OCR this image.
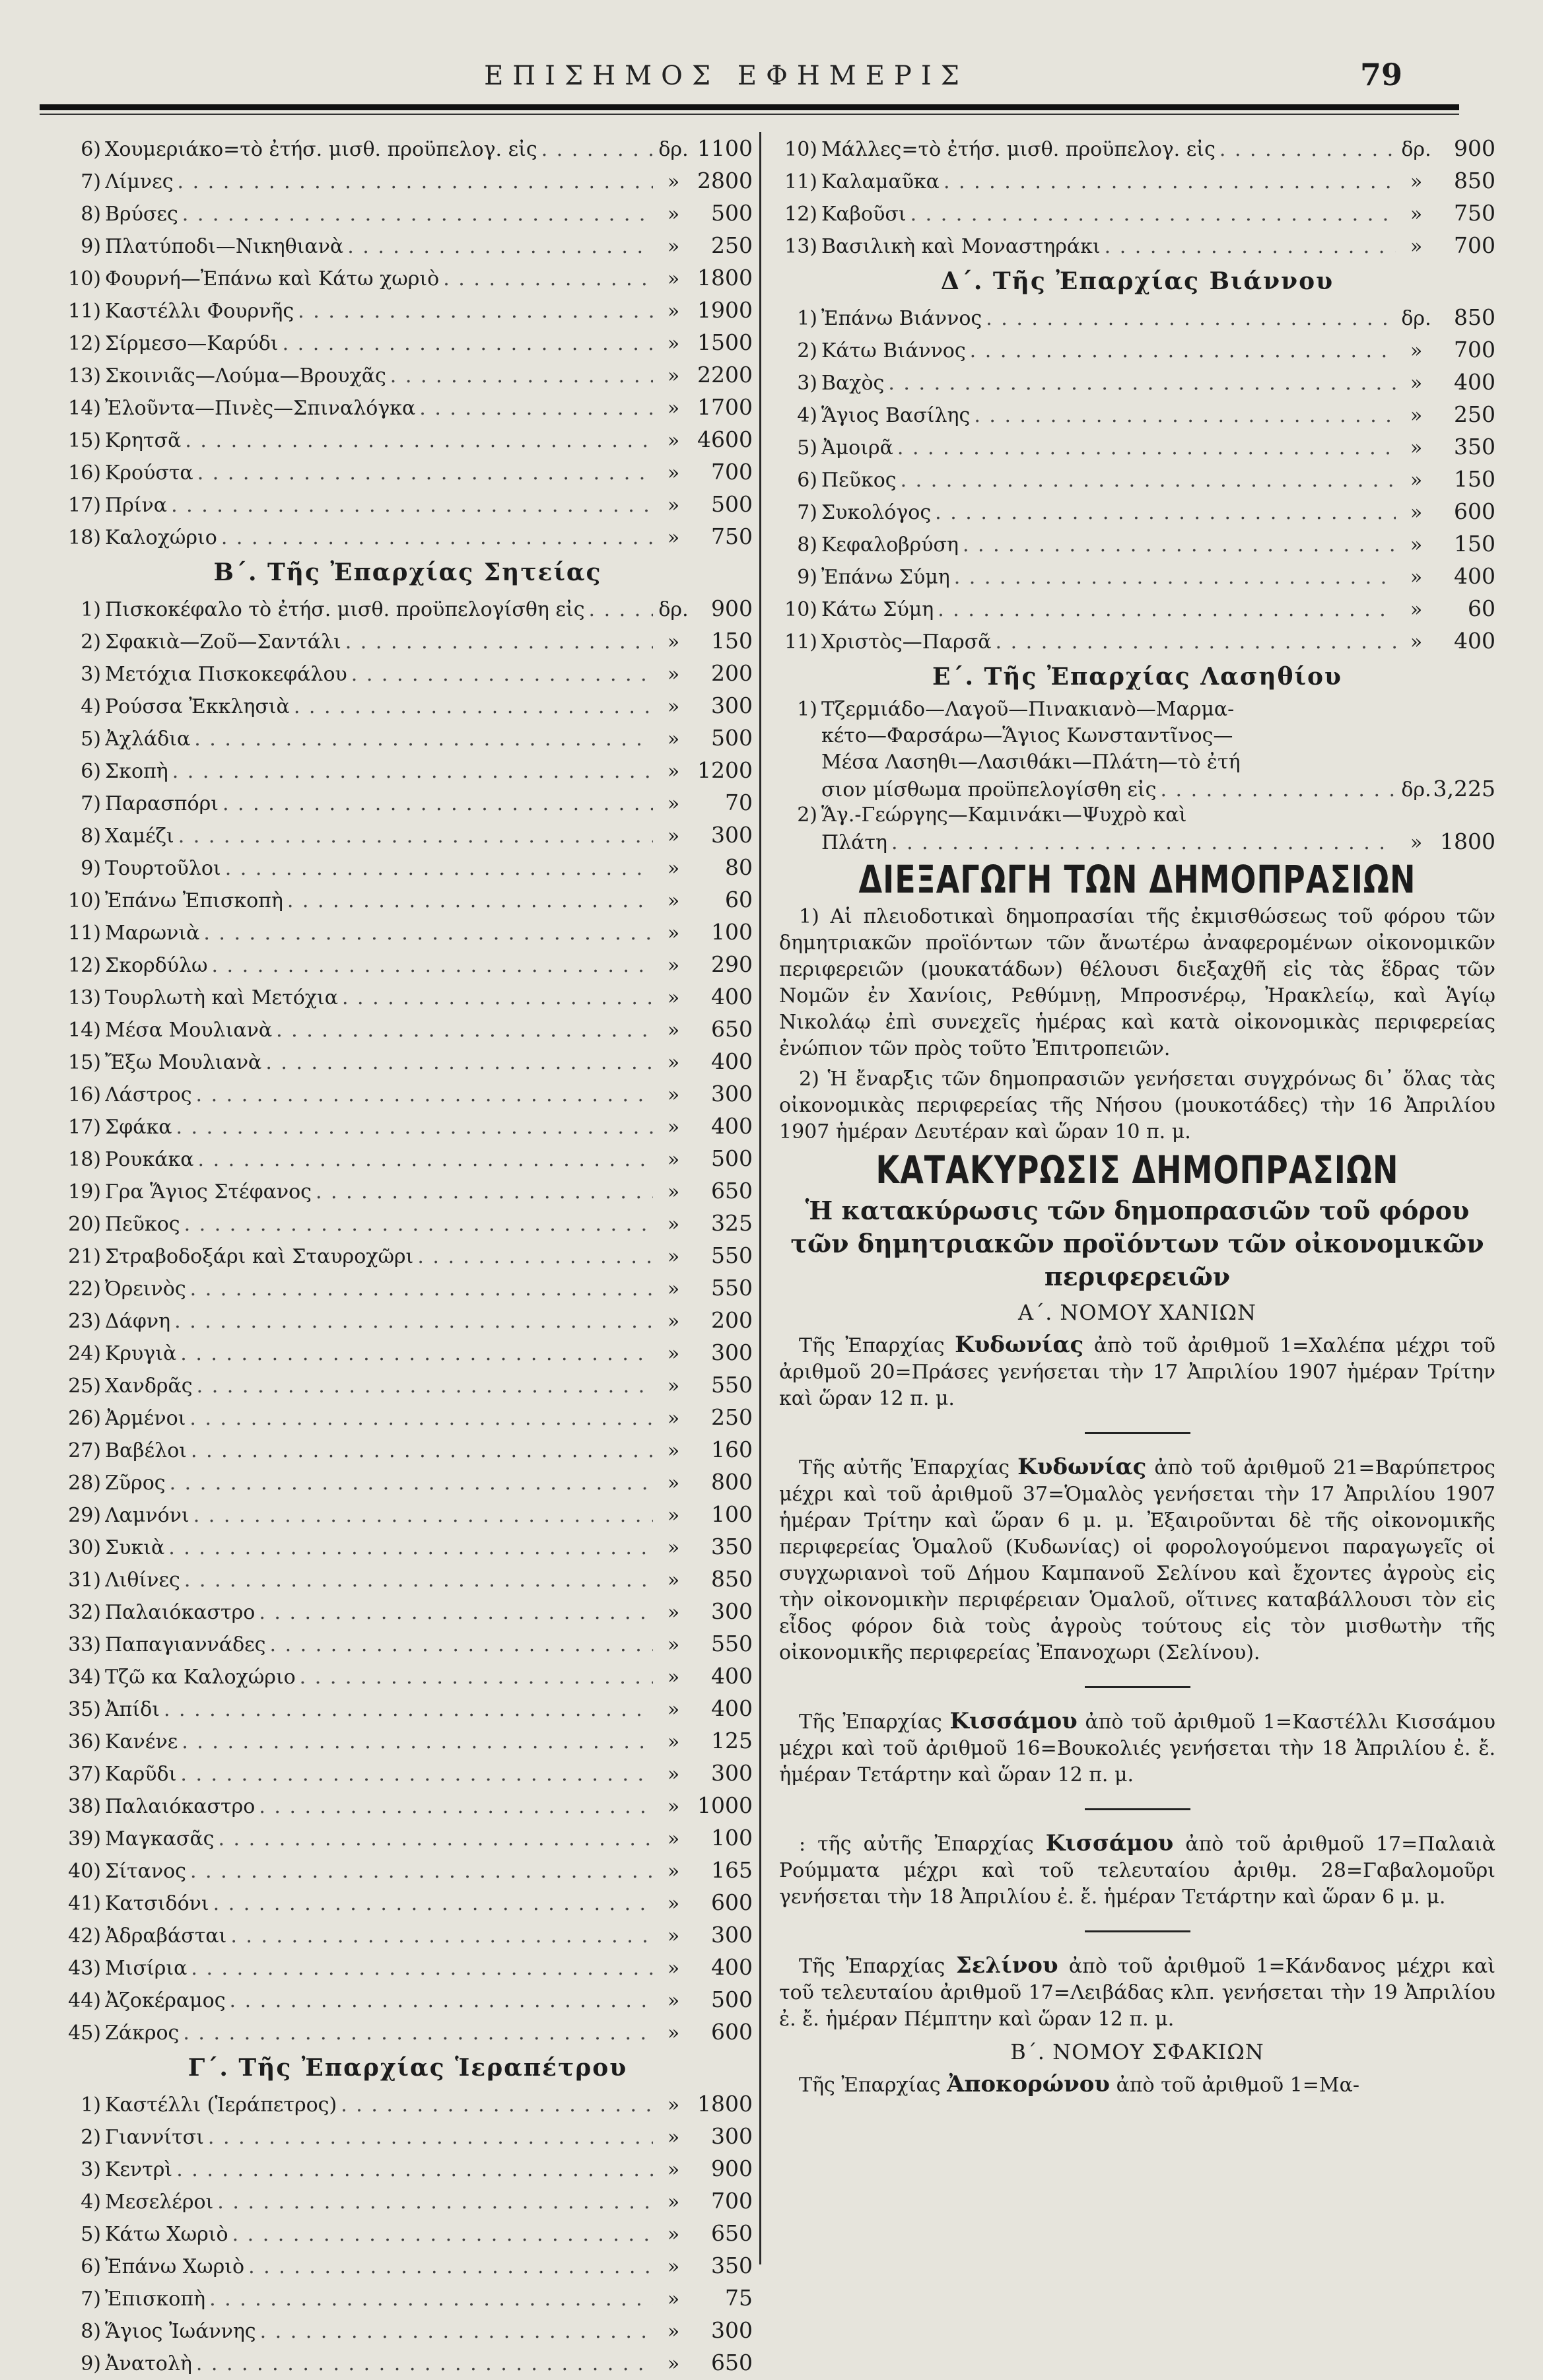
ΕΠΙΣΗΜΟΣ ΕΦΗΜΕΡΙΣ	79
6) Χουμεριάκο=τὸ ἐτήσ. μισθ. προϋπελογ. εἰς . . .	δρ. 1100
7) Λίμνες . . .	» 2800
8) Βρύσες . . .	»	500
9) Πλατύποδι—Νικηθιανὰ . . .	»	250
10) Φουρνή—Ἐπάνω καὶ Κάτω χωριὸ . . .	» 1800
11) Καστέλλι Φουρνῆς . . .	» 1900
12) Σίρμεσο—Καρύδι . . .	» 1500
13) Σκοινιᾶς—Λούμα—Βρουχᾶς . . .	» 2200
14) Ἐλοῦντα—Πινὲς—Σπιναλόγκα . . .	» 1700
15) Κρητσᾶ . . .	» 4600
16) Κρούστα . . .	»	700
17) Πρίνα . . .	»	500
18) Καλοχώριο . . .	»	750
Β΄. Τῆς Ἐπαρχίας Σητείας
1) Πισκοκέφαλο τὸ ἐτήσ. μισθ. προϋπελογίσθη εἰς . . .	δρ.	900
2) Σφακιὰ—Ζοῦ—Σαντάλι . . .	»	150
3) Μετόχια Πισκοκεφάλου . . .	»	200
4) Ρούσσα Ἐκκλησιὰ . . .	»	300
5) Ἀχλάδια . . .	»	500
6) Σκοπὴ . . .	» 1200
7) Παρασπόρι . . .	»	70
8) Χαμέζι . . .	»	300
9) Τουρτοῦλοι . . .	»	80
10) Ἐπάνω Ἐπισκοπὴ . . .	»	60
11) Μαρωνιὰ . . .	»	100
12) Σκορδύλω . . .	»	290
13) Τουρλωτὴ καὶ Μετόχια . . .	»	400
14) Μέσα Μουλιανὰ . . .	»	650
15) Ἔξω Μουλιανὰ . . .	»	400
16) Λάστρος . . .	»	300
17) Σφάκα . . .	»	400
18) Ρουκάκα . . .	»	500
19) Γρα Ἅγιος Στέφανος . . .	»	650
20) Πεῦκος . . .	»	325
21) Στραβοδοξάρι καὶ Σταυροχῶρι . . .	»	550
22) Ὀρεινὸς . . .	»	550
23) Δάφνη . . .	»	200
24) Κρυγιὰ . . .	»	300
25) Χανδρᾶς . . .	»	550
26) Ἀρμένοι . . .	»	250
27) Βαβέλοι . . .	»	160
28) Ζῦρος . . .	»	800
29) Λαμνόνι . . .	»	100
30) Συκιὰ . . .	»	350
31) Λιθίνες . . .	»	850
32) Παλαιόκαστρο . . .	»	300
33) Παπαγιαννάδες . . .	»	550
34) Τζῶ κα Καλοχώριο . . .	»	400
35) Ἀπίδι . . .	»	400
36) Κανένε . . .	»	125
37) Καρῦδι . . .	»	300
38) Παλαιόκαστρο . . .	» 1000
39) Μαγκασᾶς . . .	»	100
40) Σίτανος . . .	»	165
41) Κατσιδόνι . . .	»	600
42) Ἀδραβάσται . . .	»	300
43) Μισίρια . . .	»	400
44) Ἀζοκέραμος . . .	»	500
45) Ζάκρος . . .	»	600
Γ΄. Τῆς Ἐπαρχίας Ἱεραπέτρου
1) Καστέλλι (Ἱεράπετρος) . . .	» 1800
2) Γιαννίτσι . . .	»	300
3) Κεντρὶ . . .	»	900
4) Μεσελέροι . . .	»	700
5) Κάτω Χωριὸ . . .	»	650
6) Ἐπάνω Χωριὸ . . .	»	350
7) Ἐπισκοπὴ . . .	»	75
8) Ἅγιος Ἰωάννης . . .	»	300
9) Ἀνατολὴ . . .	»	650
10) Μάλλες=τὸ ἐτήσ. μισθ. προϋπελογ. εἰς . . .	δρ.	900
11) Καλαμαῦκα . . .	»	850
12) Καβοῦσι . . .	»	750
13) Βασιλικὴ καὶ Μοναστηράκι . . .	»	700
Δ΄. Τῆς Ἐπαρχίας Βιάννου
1) Ἐπάνω Βιάννος . . .	δρ.	850
2) Κάτω Βιάννος . . .	»	700
3) Βαχὸς . . .	»	400
4) Ἅγιος Βασίλης . . .	»	250
5) Ἀμοιρᾶ . . .	»	350
6) Πεῦκος . . .	»	150
7) Συκολόγος . . .	»	600
8) Κεφαλοβρύση . . .	»	150
9) Ἐπάνω Σύμη . . .	»	400
10) Κάτω Σύμη . . .	»	60
11) Χριστὸς—Παρσᾶ . . .	»	400
Ε΄. Τῆς Ἐπαρχίας Λασηθίου
1) Τζερμιάδο—Λαγοῦ—Πινακιανὸ—Μαρμα-
κέτο—Φαρσάρω—Ἅγιος Κωνσταντῖνος—
Μέσα Λασηθι—Λασιθάκι—Πλάτη—τὸ ἐτή
σιον μίσθωμα προϋπελογίσθη εἰς . . .	δρ. 3,225
2) Ἅγ.-Γεώργης—Καμινάκι—Ψυχρὸ καὶ
Πλάτη . . .	» 1800
ΔΙΕΞΑΓΩΓΗ ΤΩΝ ΔΗΜΟΠΡΑΣΙΩΝ
1) Αἱ πλειοδοτικαὶ δημοπρασίαι τῆς ἐκμισθώσεως τοῦ φόρου τῶν δημητριακῶν προϊόντων τῶν ἄνωτέρω ἀναφερομένων οἰκονομικῶν περιφερειῶν (μουκατάδων) θέλουσι διεξαχθῆ εἰς τὰς ἕδρας τῶν Νομῶν ἐν Χανίοις, Ρεθύμνῃ, Μπροσνέρῳ, Ἠρακλείῳ, καὶ Ἁγίῳ Νικολάῳ ἐπὶ συνεχεῖς ἡμέρας καὶ κατὰ οἰκονομικὰς περιφερείας ἐνώπιον τῶν πρὸς τοῦτο Ἐπιτροπειῶν.
2) Ἡ ἔναρξις τῶν δημοπρασιῶν γενήσεται συγχρόνως δι᾽ ὅλας τὰς οἰκονομικὰς περιφερείας τῆς Νήσου (μουκοτάδες) τὴν 16 Ἀπριλίου 1907 ἡμέραν Δευτέραν καὶ ὥραν 10 π. μ.
ΚΑΤΑΚΥΡΩΣΙΣ ΔΗΜΟΠΡΑΣΙΩΝ
Ἡ κατακύρωσις τῶν δημοπρασιῶν τοῦ φόρου τῶν δημητριακῶν προϊόντων τῶν οἰκονομικῶν περιφερειῶν
Α΄. ΝΟΜΟΥ ΧΑΝΙΩΝ
Τῆς Ἐπαρχίας Κυδωνίας ἀπὸ τοῦ ἀριθμοῦ 1=Χαλέπα μέχρι τοῦ ἀριθμοῦ 20=Πράσες γενήσεται τὴν 17 Ἀπριλίου 1907 ἡμέραν Τρίτην καὶ ὥραν 12 π. μ.
Τῆς αὐτῆς Ἐπαρχίας Κυδωνίας ἀπὸ τοῦ ἀριθμοῦ 21=Βαρύπετρος μέχρι καὶ τοῦ ἀριθμοῦ 37=Ὁμαλὸς γενήσεται τὴν 17 Ἀπριλίου 1907 ἡμέραν Τρίτην καὶ ὥραν 6 μ. μ. Ἐξαιροῦνται δὲ τῆς οἰκονομικῆς περιφερείας Ὁμαλοῦ (Κυδωνίας) οἱ φορολογούμενοι παραγωγεῖς οἱ συγχωριανοὶ τοῦ Δήμου Καμπανοῦ Σελίνου καὶ ἔχοντες ἀγροὺς εἰς τὴν οἰκονομικὴν περιφέρειαν Ὁμαλοῦ, οἵτινες καταβάλλουσι τὸν εἰς εἶδος φόρον διὰ τοὺς ἀγροὺς τούτους εἰς τὸν μισθωτὴν τῆς οἰκονομικῆς περιφερείας Ἐπανοχωρι (Σελίνου).
Τῆς Ἐπαρχίας Κισσάμου ἀπὸ τοῦ ἀριθμοῦ 1=Καστέλλι Κισσάμου μέχρι καὶ τοῦ ἀριθμοῦ 16=Βουκολιές γενήσεται τὴν 18 Ἀπριλίου ἐ. ἔ. ἡμέραν Τετάρτην καὶ ὥραν 12 π. μ.
: τῆς αὐτῆς Ἐπαρχίας Κισσάμου ἀπὸ τοῦ ἀριθμοῦ 17=Παλαιὰ Ρούμματα μέχρι καὶ τοῦ τελευταίου ἀριθμ. 28=Γαβαλομοῦρι γενήσεται τὴν 18 Ἀπριλίου ἐ. ἔ. ἡμέραν Τετάρτην καὶ ὥραν 6 μ. μ.
Τῆς Ἐπαρχίας Σελίνου ἀπὸ τοῦ ἀριθμοῦ 1=Κάνδανος μέχρι καὶ τοῦ τελευταίου ἀριθμοῦ 17=Λειβάδας κλπ. γενήσεται τὴν 19 Ἀπριλίου ἐ. ἔ. ἡμέραν Πέμπτην καὶ ὥραν 12 π. μ.
Β΄. ΝΟΜΟΥ ΣΦΑΚΙΩΝ
Τῆς Ἐπαρχίας Ἀποκορώνου ἀπὸ τοῦ ἀριθμοῦ 1=Μα-
